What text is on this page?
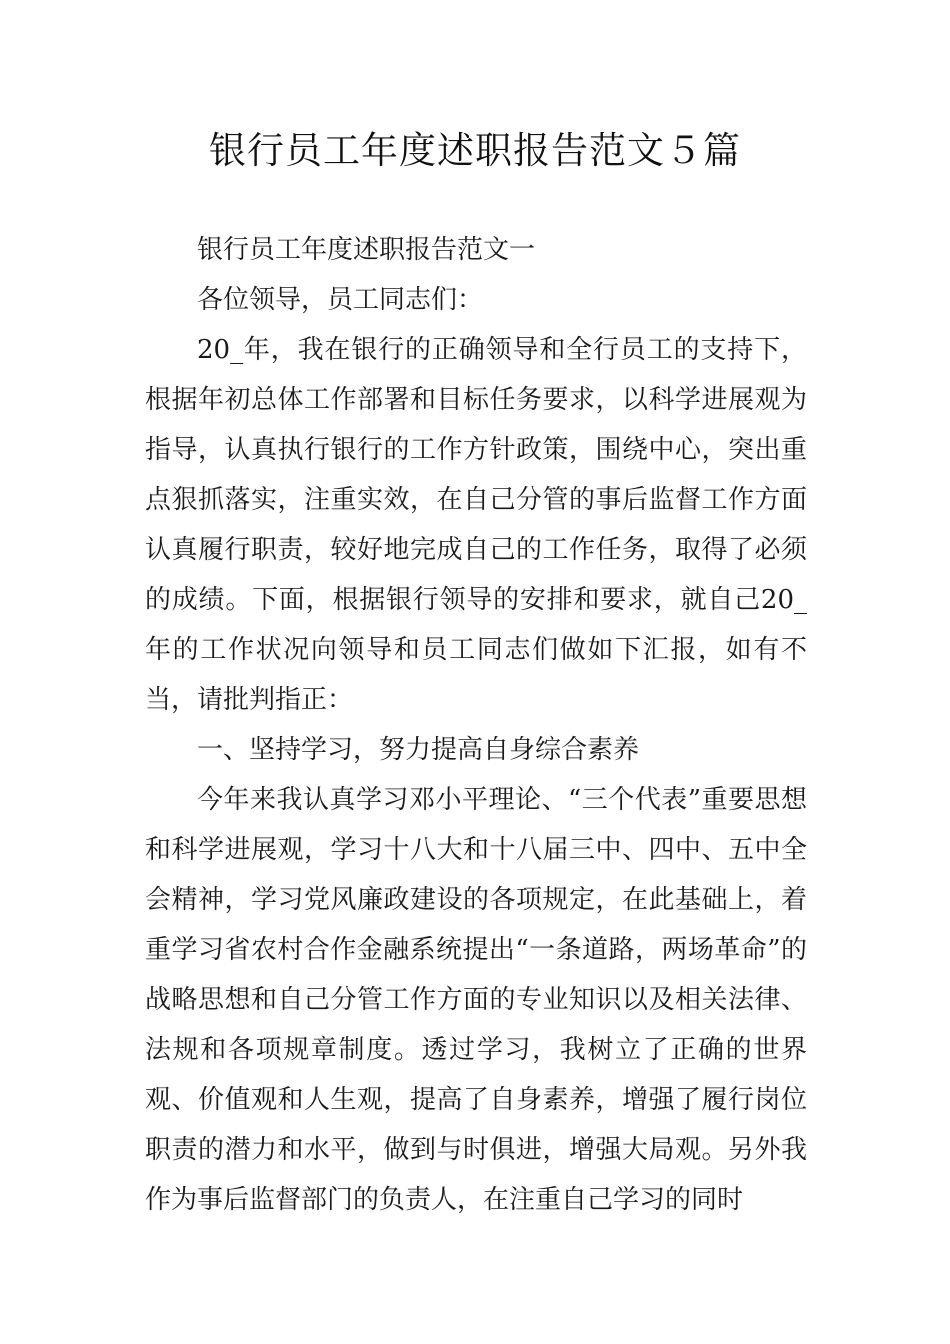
银行员工年度述职报告范文５篇

银行员工年度述职报告范文一

各位领导，员工同志们：

20_年，我在银行的正确领导和全行员工的支持下，根据年初总体工作部署和目标任务要求，以科学进展观为指导，认真执行银行的工作方针政策，围绕中心，突出重点狠抓落实，注重实效，在自己分管的事后监督工作方面认真履行职责，较好地完成自己的工作任务，取得了必须的成绩。下面，根据银行领导的安排和要求，就自己20_年的工作状况向领导和员工同志们做如下汇报，如有不当，请批判指正：

一、坚持学习，努力提高自身综合素养

今年来我认真学习邓小平理论、“三个代表”重要思想和科学进展观，学习十八大和十八届三中、四中、五中全会精神，学习党风廉政建设的各项规定，在此基础上，着重学习省农村合作金融系统提出“一条道路，两场革命”的战略思想和自己分管工作方面的专业知识以及相关法律、法规和各项规章制度。透过学习，我树立了正确的世界观、价值观和人生观，提高了自身素养，增强了履行岗位职责的潜力和水平，做到与时俱进，增强大局观。另外我作为事后监督部门的负责人，在注重自己学习的同时
